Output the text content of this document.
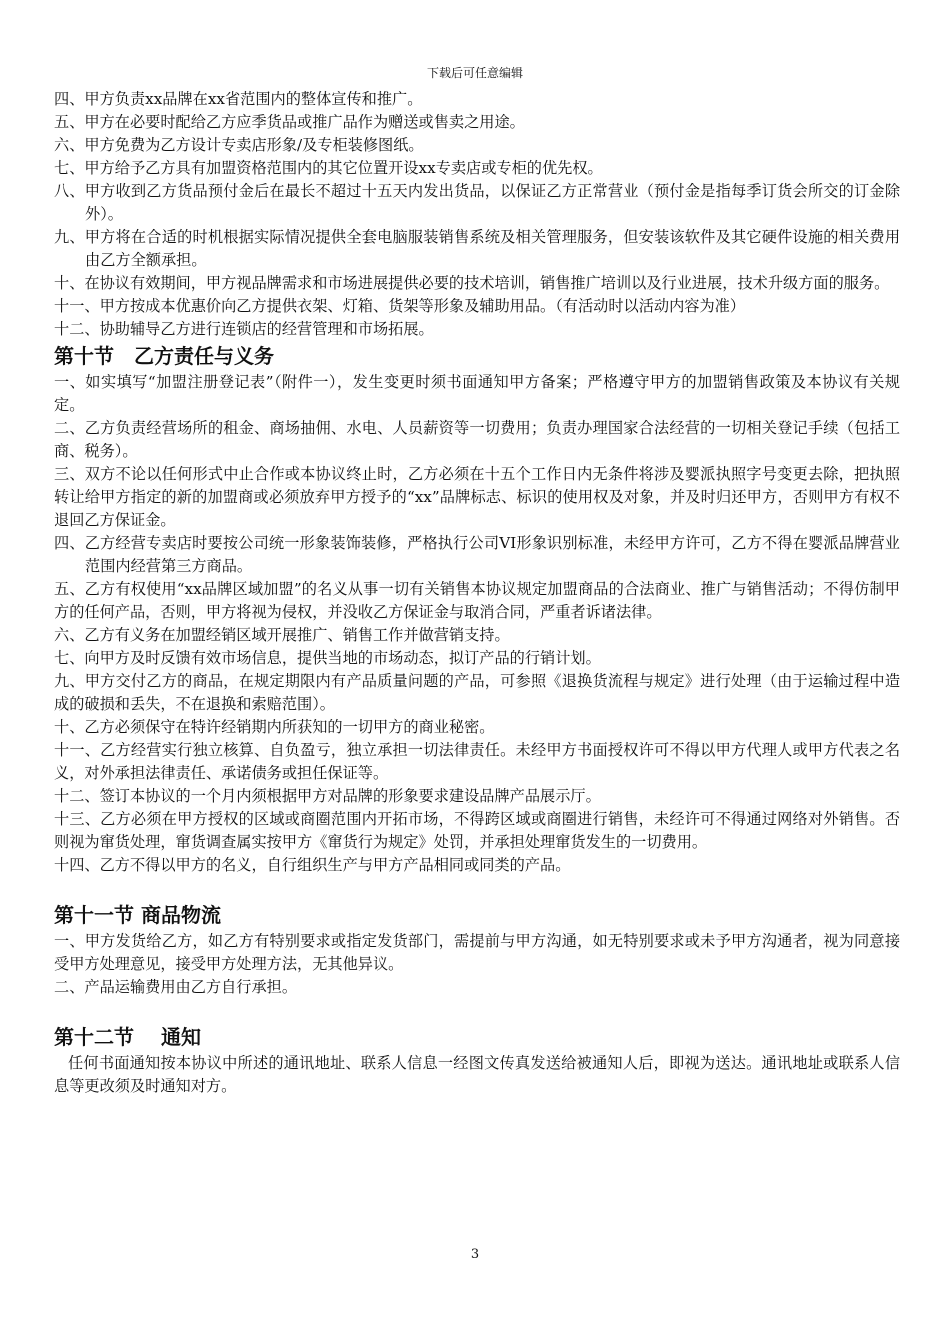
下载后可任意编辑

四、甲方负责xx品牌在xx省范围内的整体宣传和推广。

五、甲方在必要时配给乙方应季货品或推广品作为赠送或售卖之用途。

六、甲方免费为乙方设计专卖店形象/及专柜装修图纸。

七、甲方给予乙方具有加盟资格范围内的其它位置开设xx专卖店或专柜的优先权。

八、甲方收到乙方货品预付金后在最长不超过十五天内发出货品，以保证乙方正常营业（预付金是指每季订货会所交的订金除外）。

九、甲方将在合适的时机根据实际情况提供全套电脑服装销售系统及相关管理服务，但安装该软件及其它硬件设施的相关费用由乙方全额承担。

十、在协议有效期间，甲方视品牌需求和市场进展提供必要的技术培训，销售推广培训以及行业进展，技术升级方面的服务。

十一、甲方按成本优惠价向乙方提供衣架、灯箱、货架等形象及辅助用品。（有活动时以活动内容为准）

十二、协助辅导乙方进行连锁店的经营管理和市场拓展。

第十节　乙方责任与义务

一、如实填写“加盟注册登记表”（附件一），发生变更时须书面通知甲方备案；严格遵守甲方的加盟销售政策及本协议有关规定。

二、乙方负责经营场所的租金、商场抽佣、水电、人员薪资等一切费用；负责办理国家合法经营的一切相关登记手续（包括工商、税务）。

三、双方不论以任何形式中止合作或本协议终止时，乙方必须在十五个工作日内无条件将涉及婴派执照字号变更去除，把执照转让给甲方指定的新的加盟商或必须放弃甲方授予的“xx”品牌标志、标识的使用权及对象，并及时归还甲方，否则甲方有权不退回乙方保证金。

四、乙方经营专卖店时要按公司统一形象装饰装修，严格执行公司VI形象识别标准，未经甲方许可，乙方不得在婴派品牌营业范围内经营第三方商品。

五、乙方有权使用“xx品牌区域加盟”的名义从事一切有关销售本协议规定加盟商品的合法商业、推广与销售活动；不得仿制甲方的任何产品，否则，甲方将视为侵权，并没收乙方保证金与取消合同，严重者诉诸法律。

六、乙方有义务在加盟经销区域开展推广、销售工作并做营销支持。

七、向甲方及时反馈有效市场信息，提供当地的市场动态，拟订产品的行销计划。

九、甲方交付乙方的商品，在规定期限内有产品质量问题的产品，可参照《退换货流程与规定》进行处理（由于运输过程中造成的破损和丢失，不在退换和索赔范围）。

十、乙方必须保守在特许经销期内所获知的一切甲方的商业秘密。

十一、乙方经营实行独立核算、自负盈亏，独立承担一切法律责任。未经甲方书面授权许可不得以甲方代理人或甲方代表之名义，对外承担法律责任、承诺债务或担任保证等。

十二、签订本协议的一个月内须根据甲方对品牌的形象要求建设品牌产品展示厅。

十三、乙方必须在甲方授权的区域或商圈范围内开拓市场，不得跨区域或商圈进行销售，未经许可不得通过网络对外销售。否则视为窜货处理，窜货调查属实按甲方《窜货行为规定》处罚，并承担处理窜货发生的一切费用。

十四、乙方不得以甲方的名义，自行组织生产与甲方产品相同或同类的产品。

第十一节 商品物流

一、甲方发货给乙方，如乙方有特别要求或指定发货部门，需提前与甲方沟通，如无特别要求或未予甲方沟通者，视为同意接受甲方处理意见，接受甲方处理方法，无其他异议。

二、产品运输费用由乙方自行承担。

第十二节　 通知

任何书面通知按本协议中所述的通讯地址、联系人信息一经图文传真发送给被通知人后，即视为送达。通讯地址或联系人信息等更改须及时通知对方。

3
